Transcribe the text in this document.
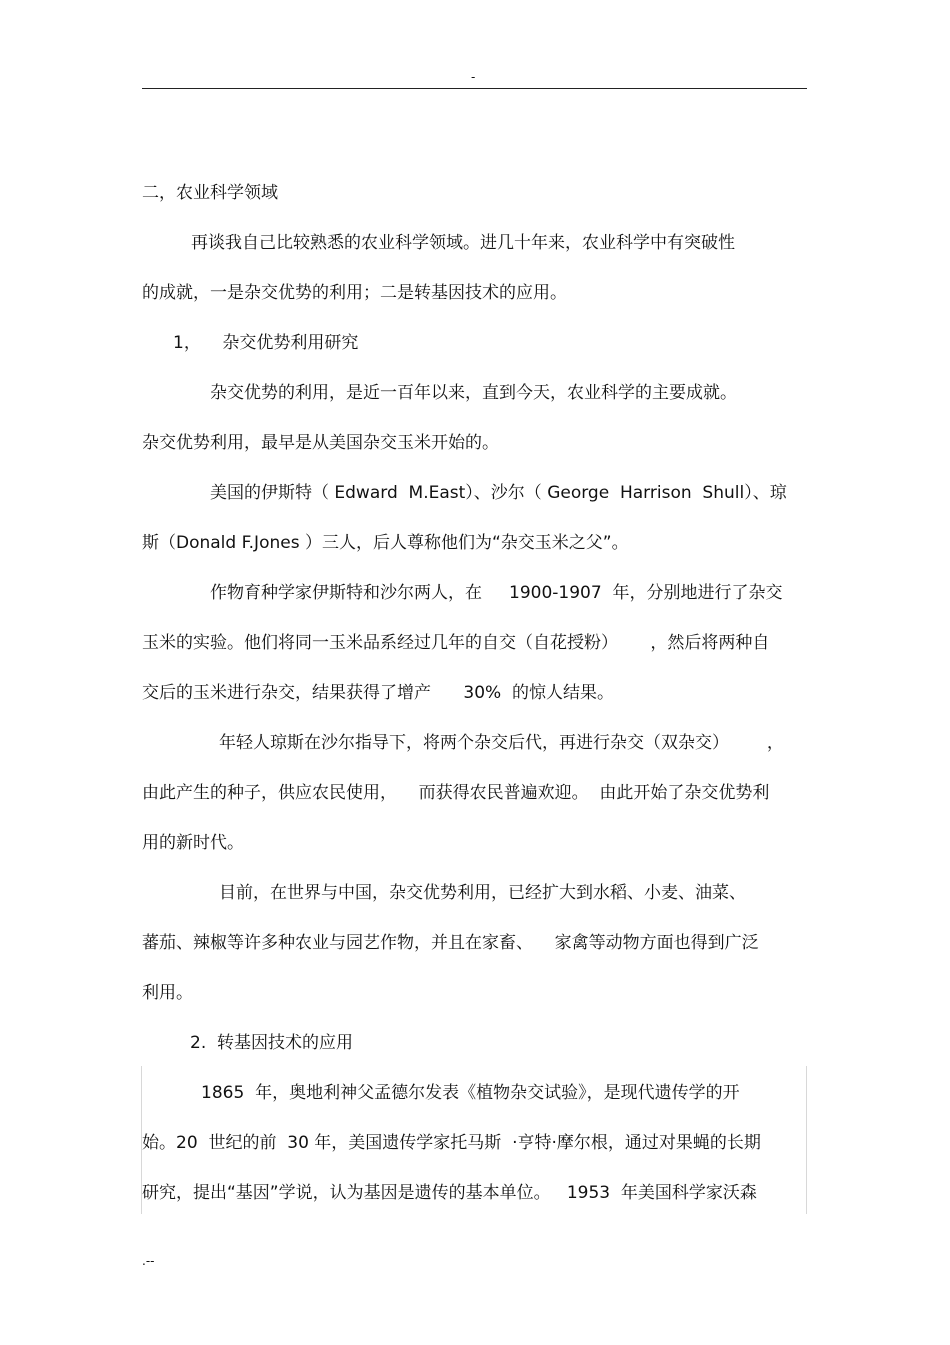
-
二，农业科学领域
再谈我自己比较熟悉的农业科学领域。进几十年来，农业科学中有突破性
的成就，一是杂交优势的利用；二是转基因技术的应用。
1，    杂交优势利用研究
杂交优势的利用，是近一百年以来，直到今天，农业科学的主要成就。
杂交优势利用，最早是从美国杂交玉米开始的。
美国的伊斯特（ Edward  M.East）、沙尔（ George  Harrison  Shull）、琼
斯（Donald F.Jones ）三人，后人尊称他们为“杂交玉米之父”。
作物育种学家伊斯特和沙尔两人，在     1900-1907  年，分别地进行了杂交
玉米的实验。他们将同一玉米品系经过几年的自交（自花授粉）      ，然后将两种自
交后的玉米进行杂交，结果获得了增产      30%  的惊人结果。
年轻人琼斯在沙尔指导下，将两个杂交后代，再进行杂交（双杂交）       ，
由此产生的种子，供应农民使用，    而获得农民普遍欢迎。  由此开始了杂交优势利
用的新时代。
目前，在世界与中国，杂交优势利用，已经扩大到水稻、小麦、油菜、
蕃茄、辣椒等许多种农业与园艺作物，并且在家畜、    家禽等动物方面也得到广泛
利用。
2.  转基因技术的应用
1865  年，奥地利神父孟德尔发表《植物杂交试验》，是现代遗传学的开
始。20  世纪的前  30 年，美国遗传学家托马斯  ·亨特·摩尔根，通过对果蝇的长期
研究，提出“基因”学说，认为基因是遗传的基本单位。   1953  年美国科学家沃森
.--
